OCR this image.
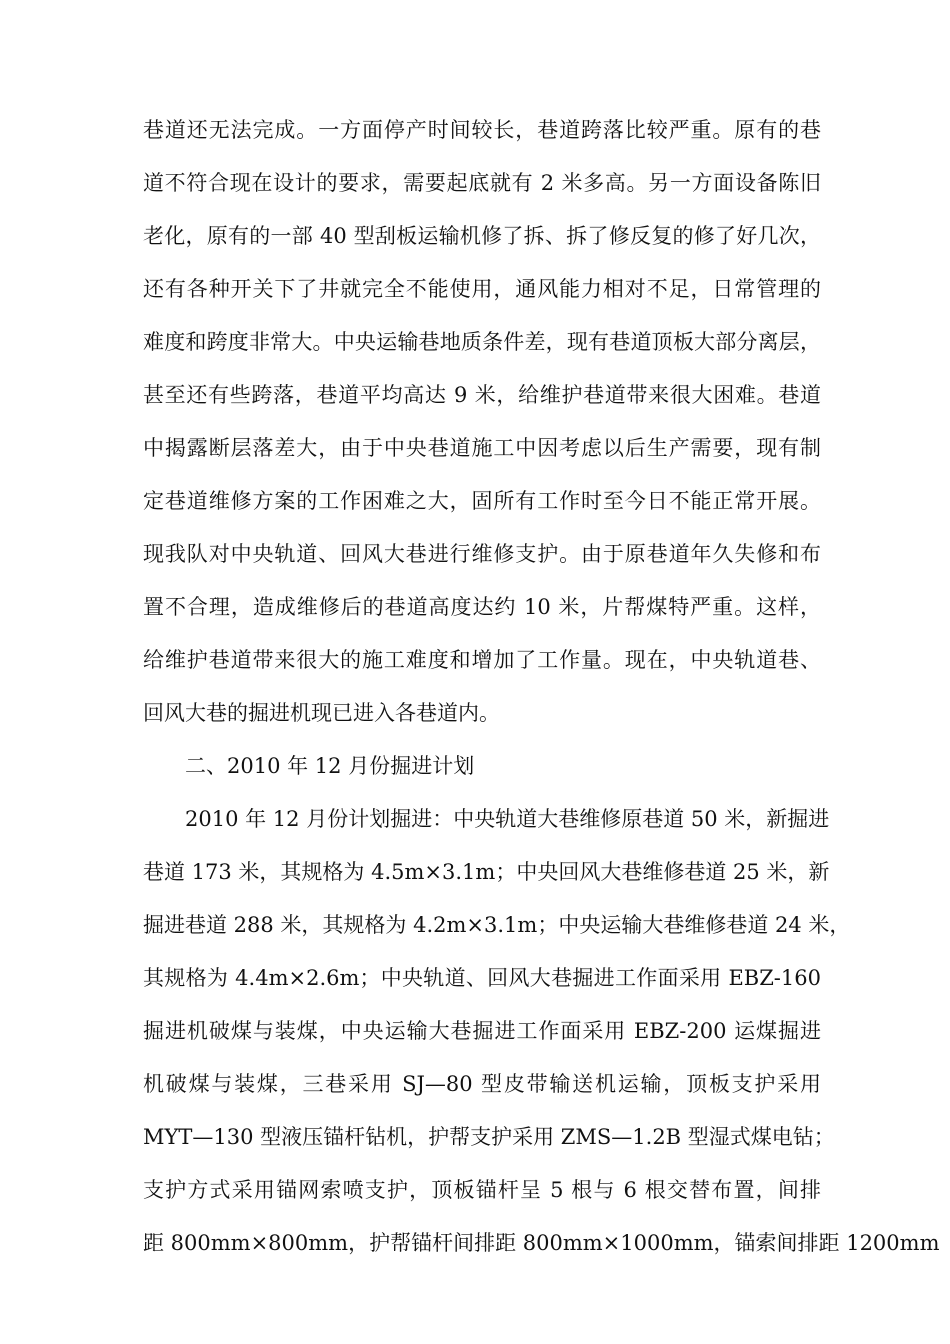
巷道还无法完成。一方面停产时间较长，巷道跨落比较严重。原有的巷
道不符合现在设计的要求，需要起底就有 2 米多高。另一方面设备陈旧
老化，原有的一部 40 型刮板运输机修了拆、拆了修反复的修了好几次，
还有各种开关下了井就完全不能使用，通风能力相对不足，日常管理的
难度和跨度非常大。中央运输巷地质条件差，现有巷道顶板大部分离层，
甚至还有些跨落，巷道平均高达 9 米，给维护巷道带来很大困难。巷道
中揭露断层落差大，由于中央巷道施工中因考虑以后生产需要，现有制
定巷道维修方案的工作困难之大，固所有工作时至今日不能正常开展。
现我队对中央轨道、回风大巷进行维修支护。由于原巷道年久失修和布
置不合理，造成维修后的巷道高度达约 10 米，片帮煤特严重。这样，
给维护巷道带来很大的施工难度和增加了工作量。现在，中央轨道巷、
回风大巷的掘进机现已进入各巷道内。
二、2010 年 12 月份掘进计划
2010 年 12 月份计划掘进：中央轨道大巷维修原巷道 50 米，新掘进
巷道 173 米，其规格为 4.5m×3.1m；中央回风大巷维修巷道 25 米，新
掘进巷道 288 米，其规格为 4.2m×3.1m；中央运输大巷维修巷道 24 米，
其规格为 4.4m×2.6m；中央轨道、回风大巷掘进工作面采用 EBZ-160
掘进机破煤与装煤，中央运输大巷掘进工作面采用 EBZ-200 运煤掘进
机破煤与装煤，三巷采用 SJ—80 型皮带输送机运输，顶板支护采用
MYT—130 型液压锚杆钻机，护帮支护采用 ZMS—1.2B 型湿式煤电钻；
支护方式采用锚网索喷支护，顶板锚杆呈 5 根与 6 根交替布置，间排
距 800mm×800mm，护帮锚杆间排距 800mm×1000mm，锚索间排距 1200mm
